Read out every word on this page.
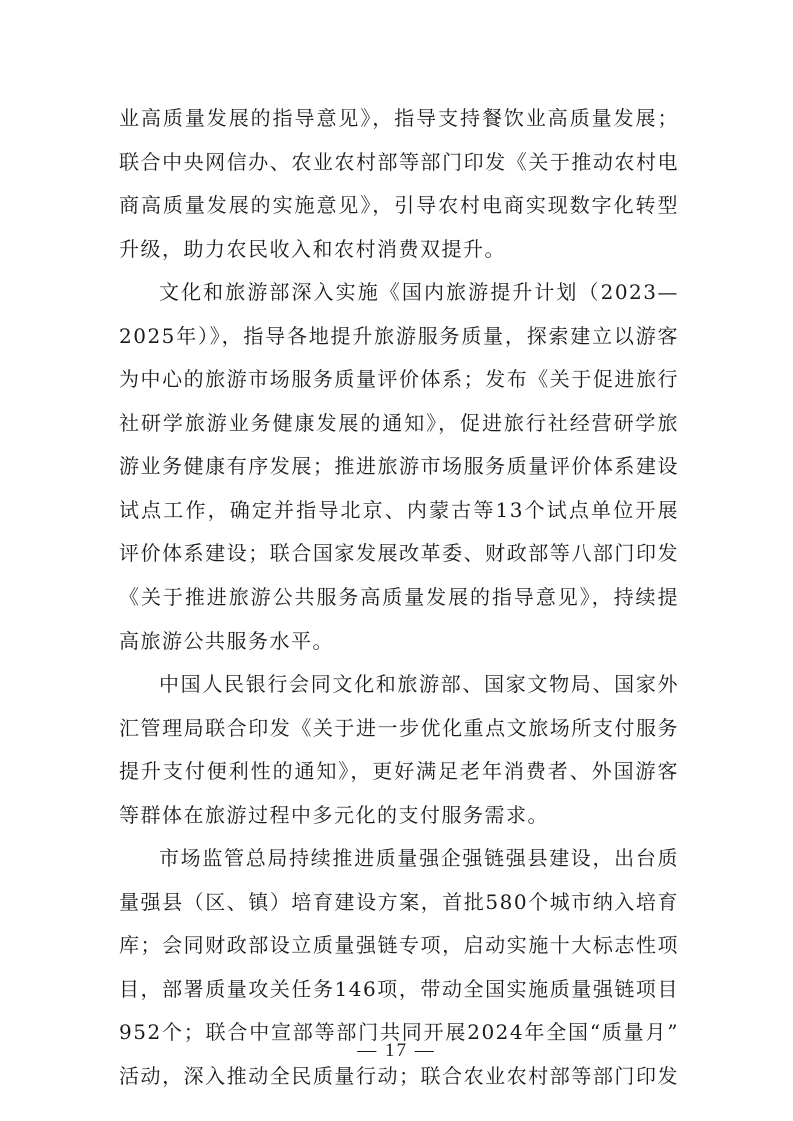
业高质量发展的指导意见》，指导支持餐饮业高质量发展；
联合中央网信办、农业农村部等部门印发《关于推动农村电
商高质量发展的实施意见》，引导农村电商实现数字化转型
升级，助力农民收入和农村消费双提升。
文化和旅游部深入实施《国内旅游提升计划（2023—
2025年）》，指导各地提升旅游服务质量，探索建立以游客
为中心的旅游市场服务质量评价体系；发布《关于促进旅行
社研学旅游业务健康发展的通知》，促进旅行社经营研学旅
游业务健康有序发展；推进旅游市场服务质量评价体系建设
试点工作，确定并指导北京、内蒙古等13个试点单位开展
评价体系建设；联合国家发展改革委、财政部等八部门印发
《关于推进旅游公共服务高质量发展的指导意见》，持续提
高旅游公共服务水平。
中国人民银行会同文化和旅游部、国家文物局、国家外
汇管理局联合印发《关于进一步优化重点文旅场所支付服务
提升支付便利性的通知》，更好满足老年消费者、外国游客
等群体在旅游过程中多元化的支付服务需求。
市场监管总局持续推进质量强企强链强县建设，出台质
量强县（区、镇）培育建设方案，首批580个城市纳入培育
库；会同财政部设立质量强链专项，启动实施十大标志性项
目，部署质量攻关任务146项，带动全国实施质量强链项目
952个；联合中宣部等部门共同开展2024年全国“质量月”
活动，深入推动全民质量行动；联合农业农村部等部门印发
— 17 —
